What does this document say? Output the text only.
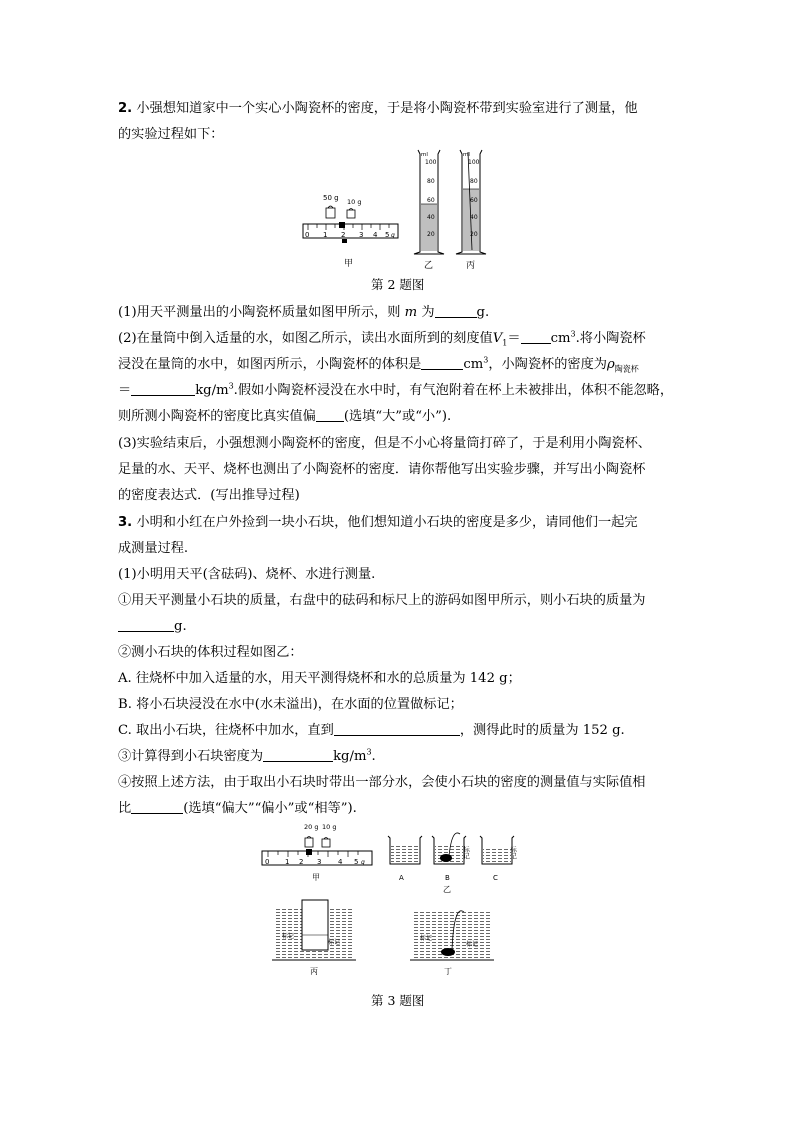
2. 小强想知道家中一个实心小陶瓷杯的密度，于是将小陶瓷杯带到实验室进行了测量，他
的实验过程如下：
0 1 2 3 4 5 g
50 g 10 g
甲
ml
100
80
60
40
20
乙
ml
100
80
60
40
20
丙
第 2 题图
(1)用天平测量出的小陶瓷杯质量如图甲所示，则 m 为	g.
(2)在量筒中倒入适量的水，如图乙所示，读出水面所到的刻度值$V_1= cm^3$.将小陶瓷杯
浸没在量筒的水中，如图丙所示，小陶瓷杯的体积是	$cm^3$，小陶瓷杯的密度为$\rho_{陶瓷杯}$
＝	$kg/m^3$.假如小陶瓷杯浸没在水中时，有气泡附着在杯上未被排出，体积不能忽略，
则所测小陶瓷杯的密度比真实值偏 (选填“大”或“小”).
(3)实验结束后，小强想测小陶瓷杯的密度，但是不小心将量筒打碎了，于是利用小陶瓷杯、
足量的水、天平、烧杯也测出了小陶瓷杯的密度．请你帮他写出实验步骤，并写出小陶瓷杯
的密度表达式．(写出推导过程)
3. 小明和小红在户外捡到一块小石块，他们想知道小石块的密度是多少，请同他们一起完
成测量过程.
(1)小明用天平(含砝码)、烧杯、水进行测量.
①用天平测量小石块的质量，右盘中的砝码和标尺上的游码如图甲所示，则小石块的质量为
g.
②测小石块的体积过程如图乙：
A. 往烧杯中加入适量的水，用天平测得烧杯和水的总质量为 142 g；
B. 将小石块浸没在水中(水未溢出)，在水面的位置做标记；
C. 取出小石块，往烧杯中加水，直到	，测得此时的质量为 152 g.
③计算得到小石块密度为	$kg/m^3$.
④按照上述方法，由于取出小石块时带出一部分水，会使小石块的密度的测量值与实际值相
比	(选填“偏大”“偏小”或“相等”).
0 1 2 3 4 5 g
20 g 10 g
甲	A
标记
B
乙
标记
C
标记
标记
丙
标记
标记
丁
第 3 题图
